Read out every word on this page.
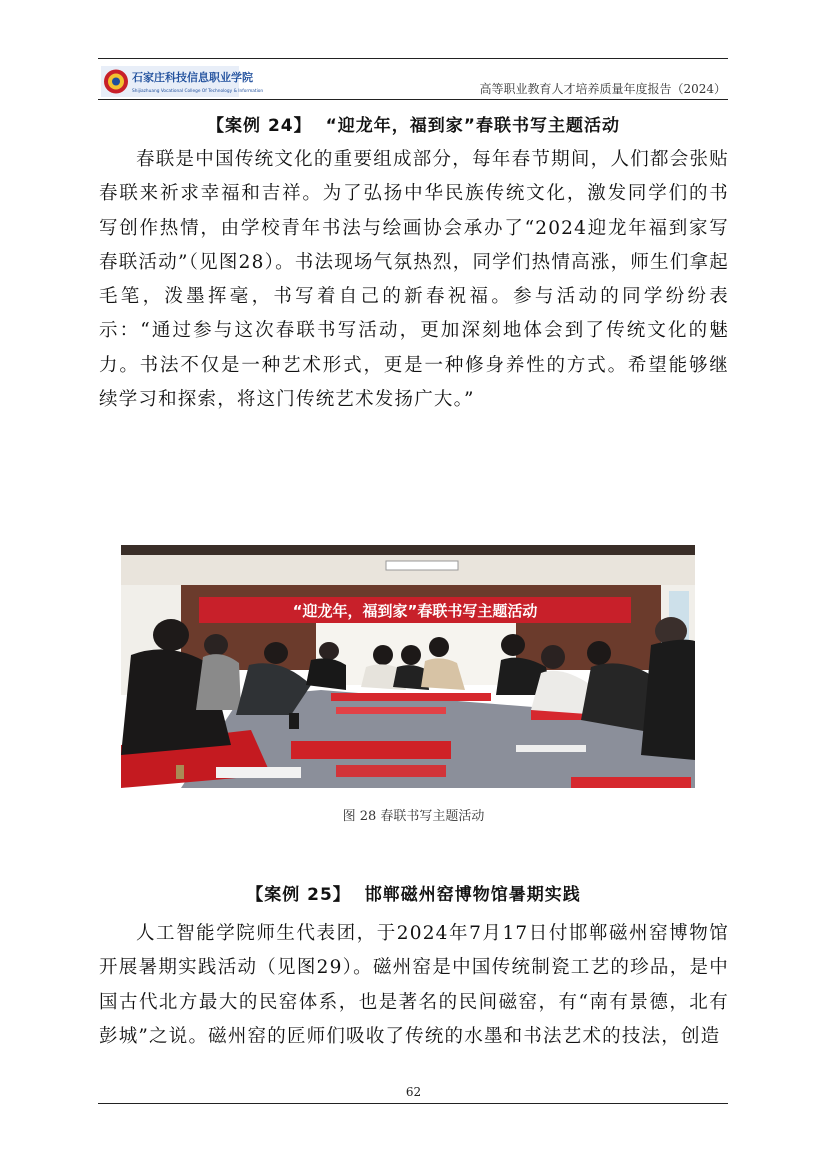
石家庄科技信息职业学院
Shijiazhuang Vocational College Of Technology & Information	高等职业教育人才培养质量年度报告（2024）
【案例 24】 “迎龙年，福到家”春联书写主题活动

春联是中国传统文化的重要组成部分，每年春节期间，人们都会张贴春联来祈求幸福和吉祥。为了弘扬中华民族传统文化，激发同学们的书写创作热情，由学校青年书法与绘画协会承办了“2024迎龙年福到家写春联活动”（见图28）。书法现场气氛热烈，同学们热情高涨，师生们拿起毛笔，泼墨挥毫，书写着自己的新春祝福。参与活动的同学纷纷表示：“通过参与这次春联书写活动，更加深刻地体会到了传统文化的魅力。书法不仅是一种艺术形式，更是一种修身养性的方式。希望能够继续学习和探索，将这门传统艺术发扬广大。”

“迎龙年，福到家”春联书写主题活动
图 28 春联书写主题活动
【案例 25】 邯郸磁州窑博物馆暑期实践

人工智能学院师生代表团，于2024年7月17日付邯郸磁州窑博物馆开展暑期实践活动（见图29）。磁州窑是中国传统制瓷工艺的珍品，是中国古代北方最大的民窑体系，也是著名的民间磁窑，有“南有景德，北有彭城”之说。磁州窑的匠师们吸收了传统的水墨和书法艺术的技法，创造

62
